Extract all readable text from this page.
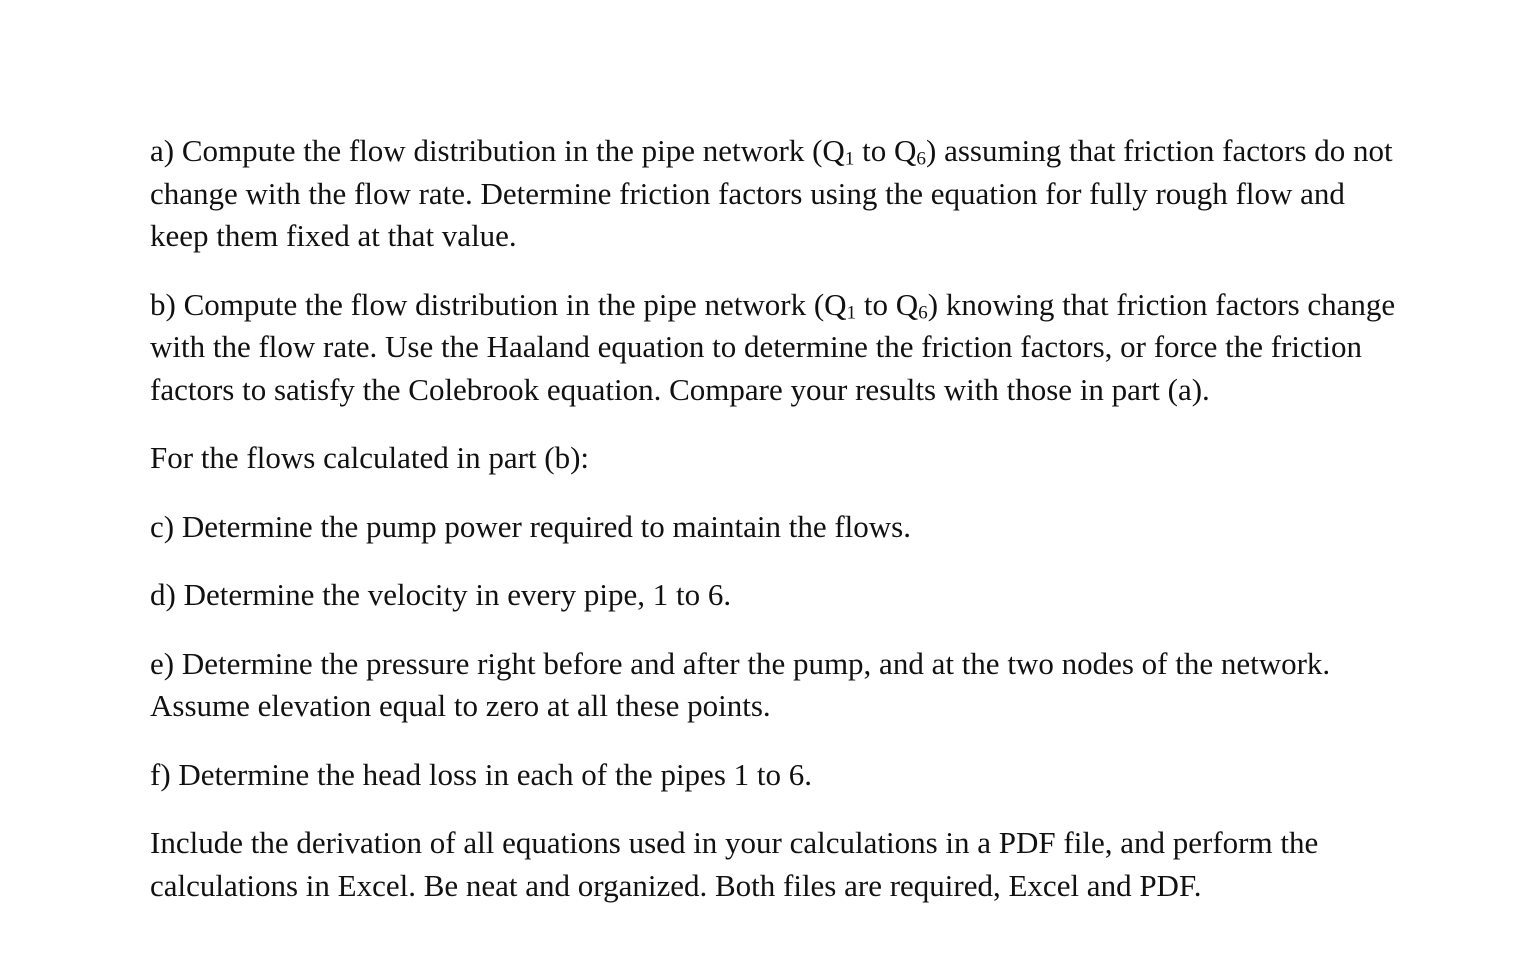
a) Compute the flow distribution in the pipe network ($Q_1$ to $Q_6$) assuming that friction factors do not change with the flow rate. Determine friction factors using the equation for fully rough flow and keep them fixed at that value.

b) Compute the flow distribution in the pipe network ($Q_1$ to $Q_6$) knowing that friction factors change with the flow rate. Use the Haaland equation to determine the friction factors, or force the friction factors to satisfy the Colebrook equation. Compare your results with those in part (a).

For the flows calculated in part (b):

c) Determine the pump power required to maintain the flows.

d) Determine the velocity in every pipe, 1 to 6.

e) Determine the pressure right before and after the pump, and at the two nodes of the network. Assume elevation equal to zero at all these points.

f) Determine the head loss in each of the pipes 1 to 6.

Include the derivation of all equations used in your calculations in a PDF file, and perform the calculations in Excel. Be neat and organized. Both files are required, Excel and PDF.
